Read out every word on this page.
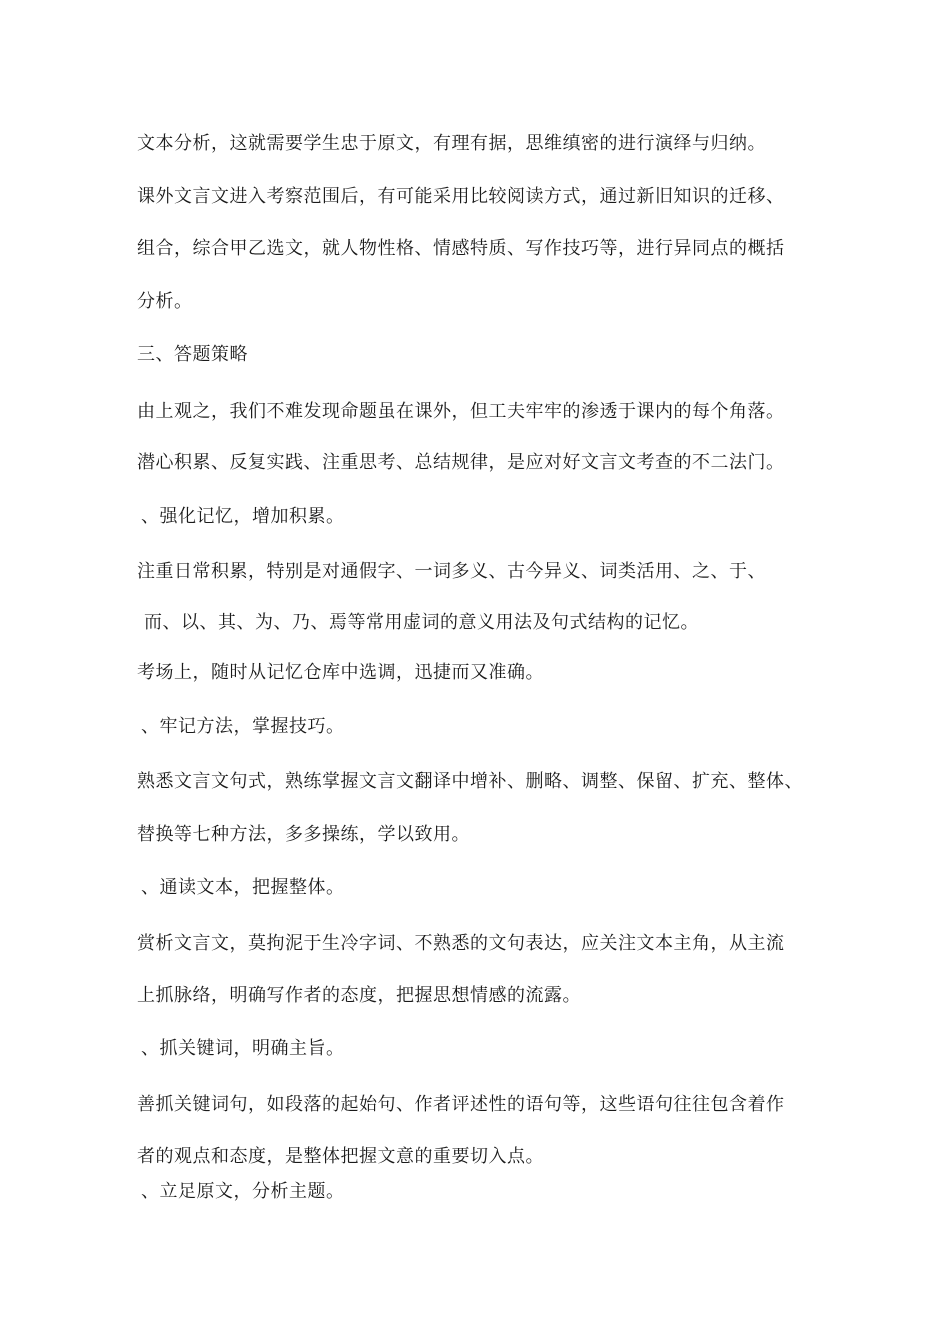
文本分析，这就需要学生忠于原文，有理有据，思维缜密的进行演绎与归纳。
课外文言文进入考察范围后，有可能采用比较阅读方式，通过新旧知识的迁移、
组合，综合甲乙选文，就人物性格、情感特质、写作技巧等，进行异同点的概括
分析。
三、答题策略
由上观之，我们不难发现命题虽在课外，但工夫牢牢的渗透于课内的每个角落。
潜心积累、反复实践、注重思考、总结规律，是应对好文言文考查的不二法门。
、强化记忆，增加积累。
注重日常积累，特别是对通假字、一词多义、古今异义、词类活用、之、于、
而、以、其、为、乃、焉等常用虚词的意义用法及句式结构的记忆。
考场上，随时从记忆仓库中选调，迅捷而又准确。
、牢记方法，掌握技巧。
熟悉文言文句式，熟练掌握文言文翻译中增补、删略、调整、保留、扩充、整体、
替换等七种方法，多多操练，学以致用。
、通读文本，把握整体。
赏析文言文，莫拘泥于生冷字词、不熟悉的文句表达，应关注文本主角，从主流
上抓脉络，明确写作者的态度，把握思想情感的流露。
、抓关键词，明确主旨。
善抓关键词句，如段落的起始句、作者评述性的语句等，这些语句往往包含着作
者的观点和态度，是整体把握文意的重要切入点。
、立足原文，分析主题。
